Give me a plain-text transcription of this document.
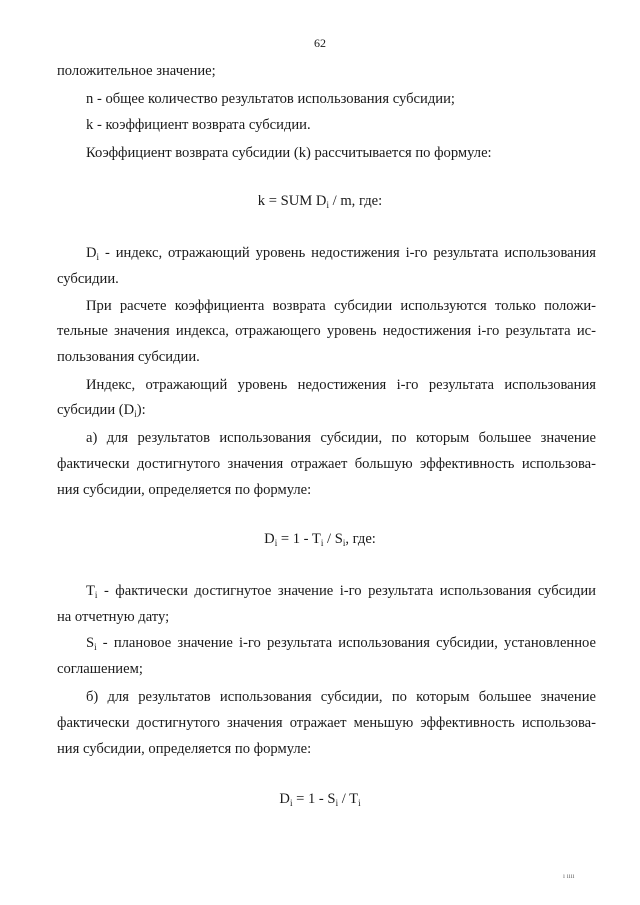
62
положительное значение;
n - общее количество результатов использования субсидии;
k - коэффициент возврата субсидии.
Коэффициент возврата субсидии (k) рассчитывается по формуле:
k = SUM $D_i$ / m, где:
$D_i$ - индекс, отражающий уровень недостижения i-го результата использования
субсидии.
При расчете коэффициента возврата субсидии используются только положи-
тельные значения индекса, отражающего уровень недостижения i-го результата ис-
пользования субсидии.
Индекс, отражающий уровень недостижения i-го результата использования
субсидии $(D_i)$:
а) для результатов использования субсидии, по которым большее значение
фактически достигнутого значения отражает большую эффективность использова-
ния субсидии, определяется по формуле:
$D_i = 1 - T_i / S_i$, где:
$T_i$ - фактически достигнутое значение i-го результата использования субсидии
на отчетную дату;
$S_i$ - плановое значение i-го результата использования субсидии, установленное
соглашением;
б) для результатов использования субсидии, по которым большее значение
фактически достигнутого значения отражает меньшую эффективность использова-
ния субсидии, определяется по формуле:
$D_i = 1 - S_i / T_i$
ı ıııı
